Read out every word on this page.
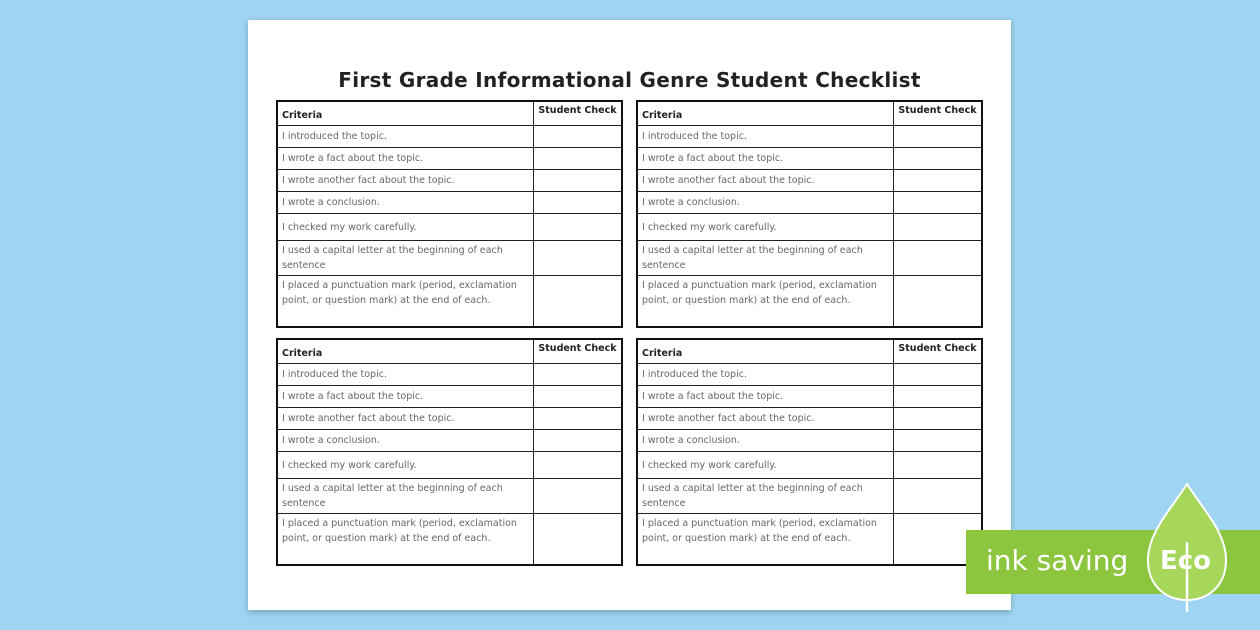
First Grade Informational Genre Student Checklist
Criteria	Student Check
I introduced the topic.
I wrote a fact about the topic.
I wrote another fact about the topic.
I wrote a conclusion.
I checked my work carefully.
I used a capital letter at the beginning of each sentence
I placed a punctuation mark (period, exclamation point, or question mark) at the end of each.
Criteria	Student Check
I introduced the topic.
I wrote a fact about the topic.
I wrote another fact about the topic.
I wrote a conclusion.
I checked my work carefully.
I used a capital letter at the beginning of each sentence
I placed a punctuation mark (period, exclamation point, or question mark) at the end of each.
Criteria	Student Check
I introduced the topic.
I wrote a fact about the topic.
I wrote another fact about the topic.
I wrote a conclusion.
I checked my work carefully.
I used a capital letter at the beginning of each sentence
I placed a punctuation mark (period, exclamation point, or question mark) at the end of each.
Criteria	Student Check
I introduced the topic.
I wrote a fact about the topic.
I wrote another fact about the topic.
I wrote a conclusion.
I checked my work carefully.
I used a capital letter at the beginning of each sentence
I placed a punctuation mark (period, exclamation point, or question mark) at the end of each.
ink saving Eco
